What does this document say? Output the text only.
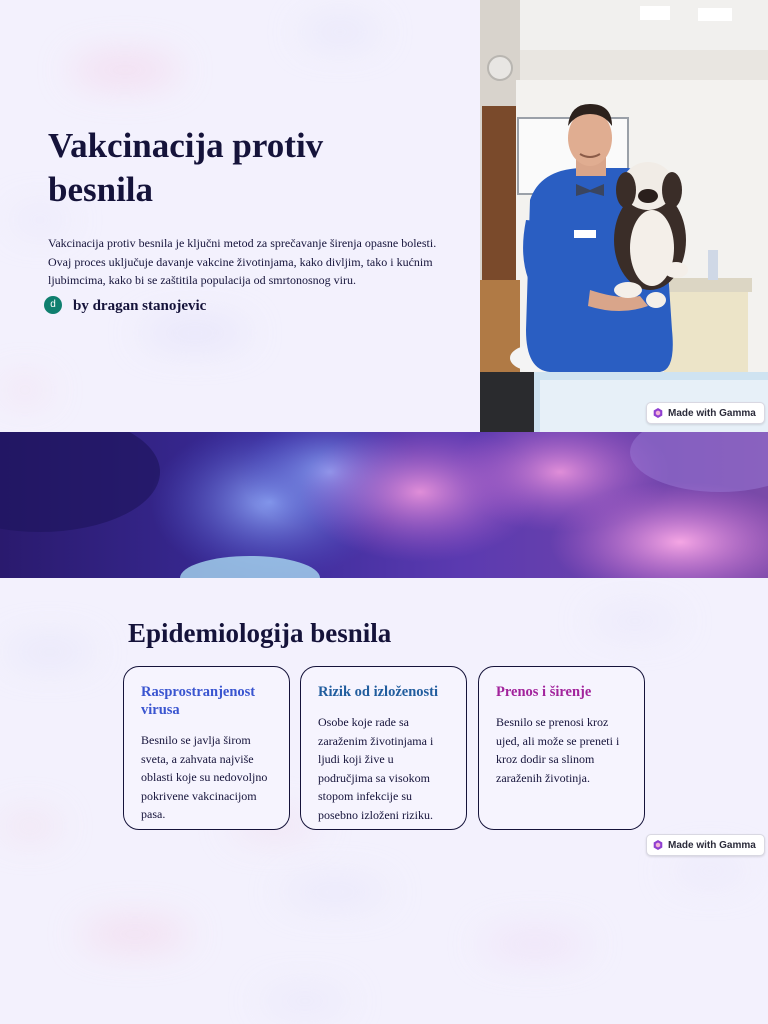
Vakcinacija protiv besnila

Vakcinacija protiv besnila je ključni metod za sprečavanje širenja opasne bolesti. Ovaj proces uključuje davanje vakcine životinjama, kako divljim, tako i kućnim ljubimcima, kako bi se zaštitila populacija od smrtonosnog viru.

d	by dragan stanojevic
Made with Gamma
Epidemiologija besnila
Rasprostranjenost virusa
Besnilo se javlja širom sveta, a zahvata najviše oblasti koje su nedovoljno pokrivene vakcinacijom pasa.
Rizik od izloženosti
Osobe koje rade sa zaraženim životinjama i ljudi koji žive u područjima sa visokom stopom infekcije su posebno izloženi riziku.
Prenos i širenje
Besnilo se prenosi kroz ujed, ali može se preneti i kroz dodir sa slinom zaraženih životinja.
Made with Gamma
